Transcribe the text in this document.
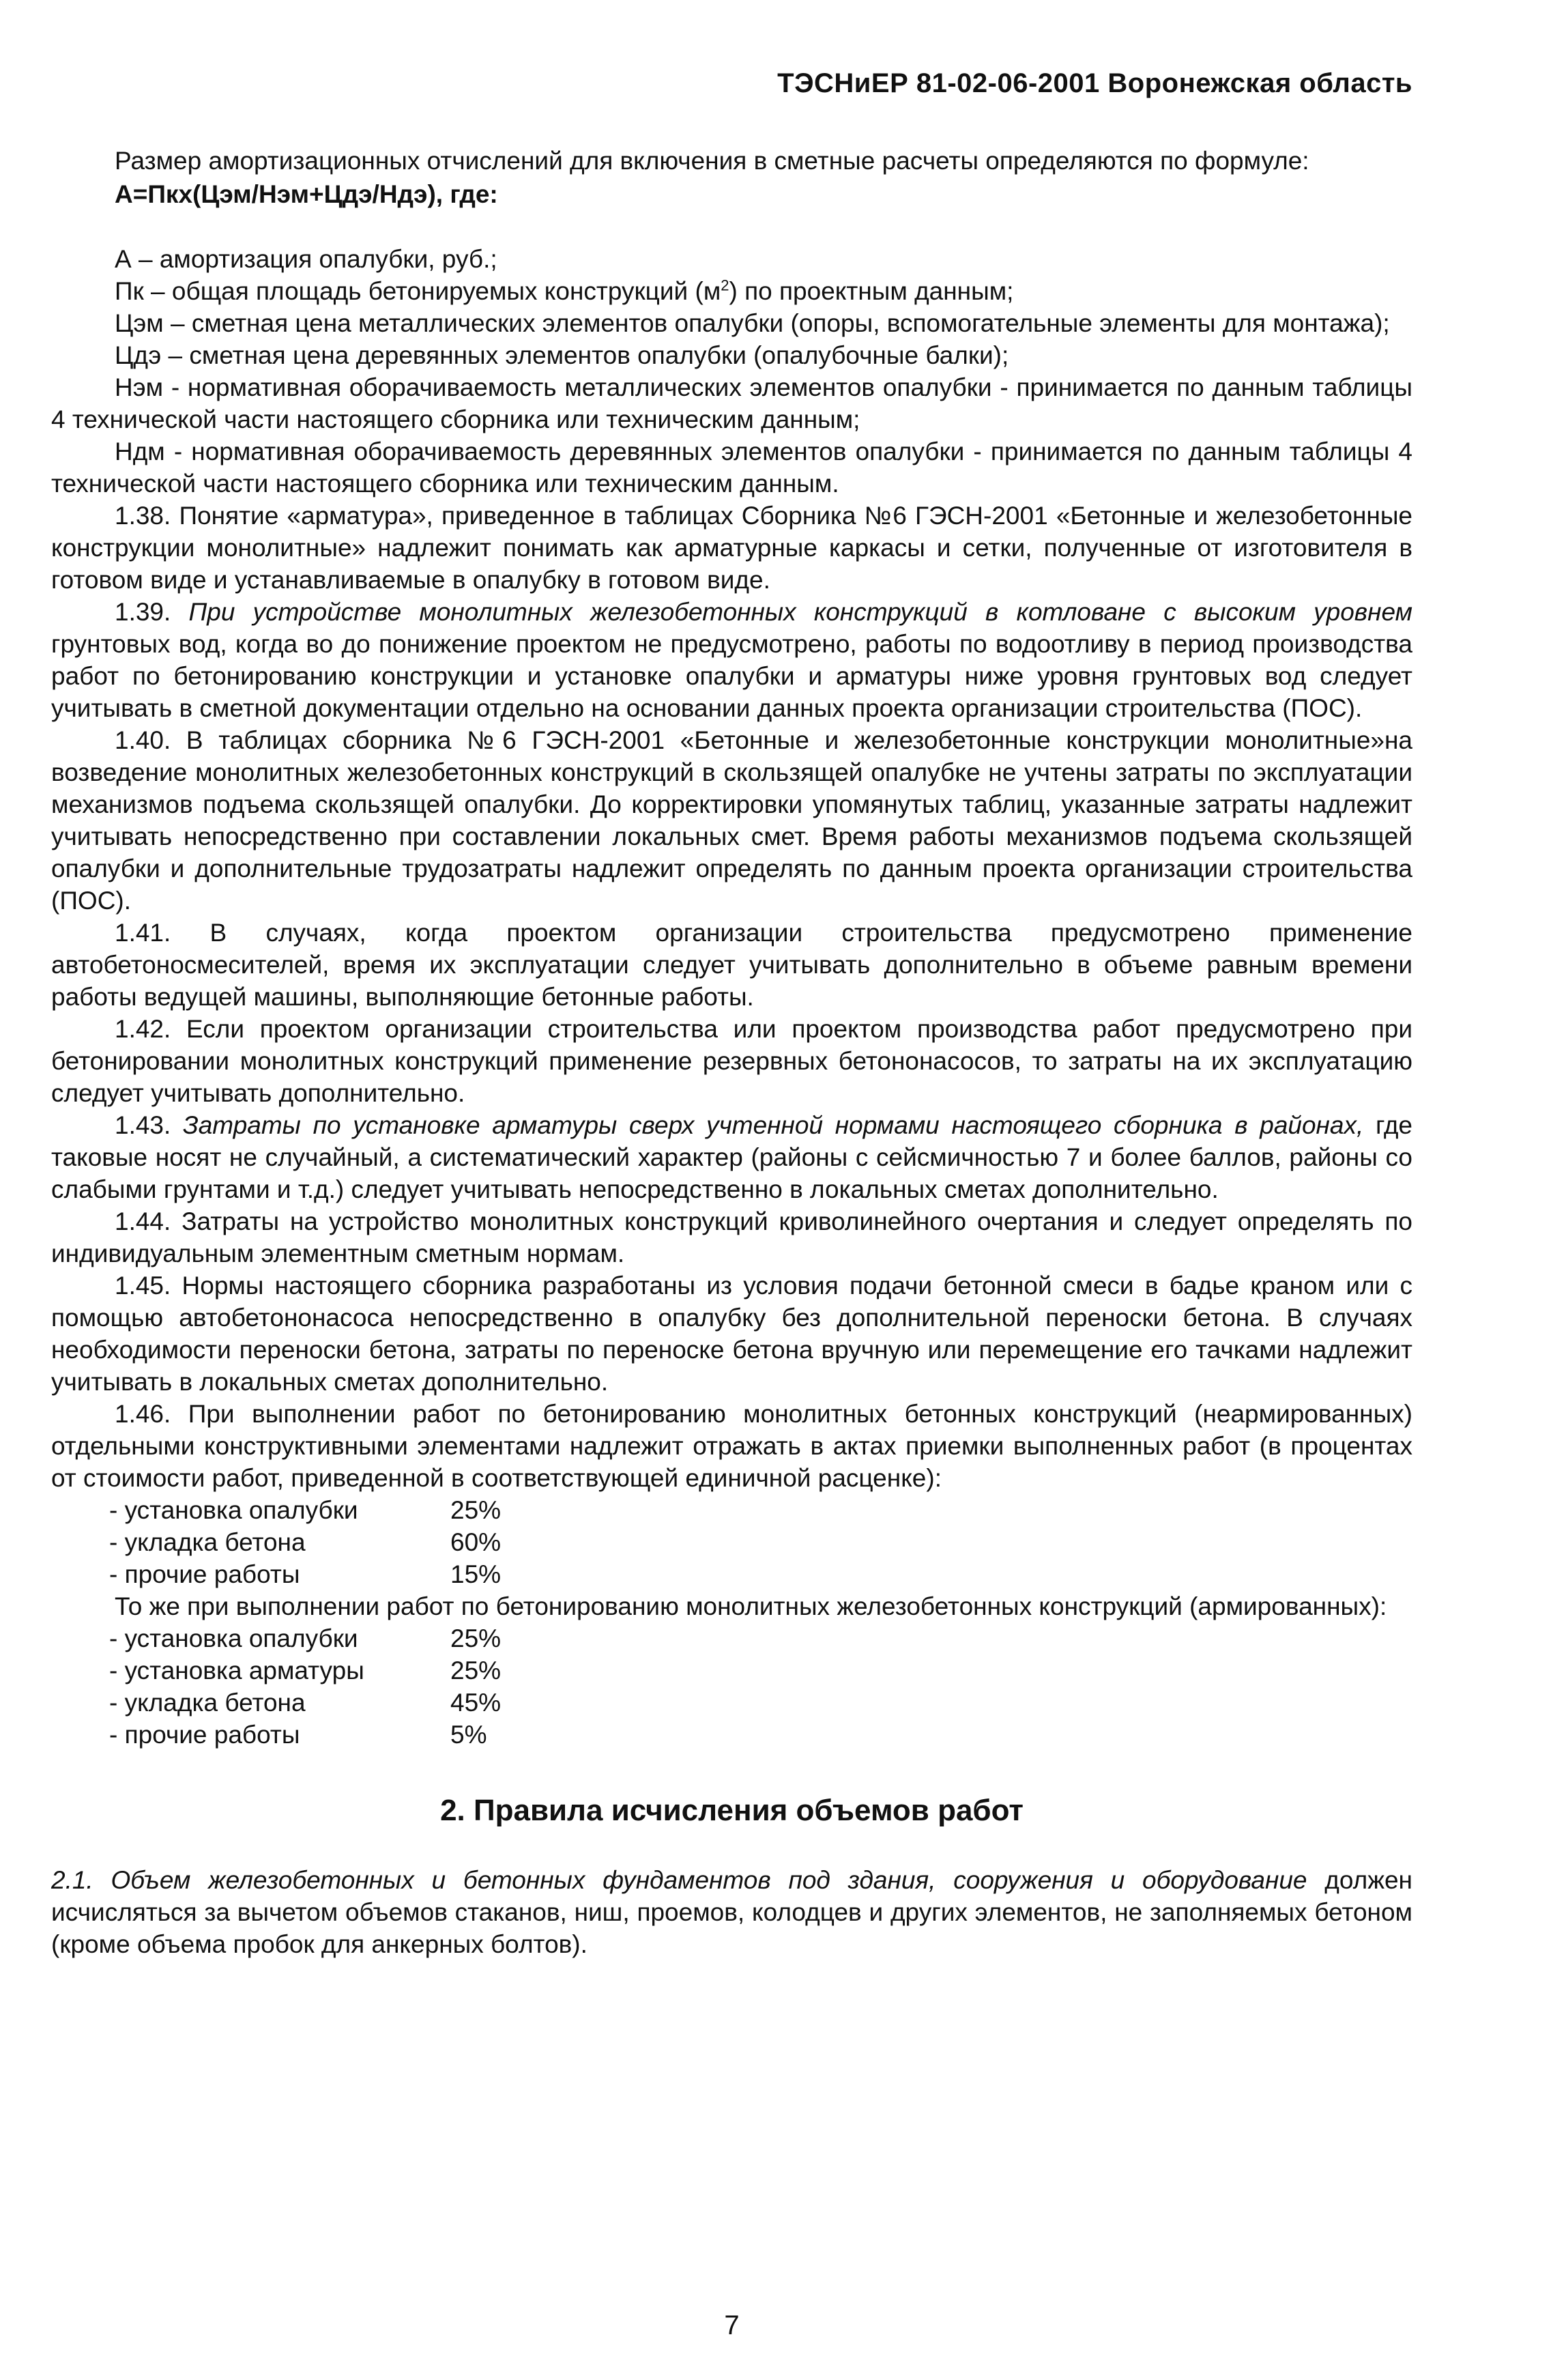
ТЭСНиЕР 81-02-06-2001 Воронежская область

Размер амортизационных отчислений для включения в сметные расчеты определяются по формуле:

А=Пкх(Цэм/Нэм+Цдэ/Ндэ), где:

А – амортизация опалубки, руб.;

Пк – общая площадь бетонируемых конструкций $(м^2)$ по проектным данным;

Цэм – сметная цена металлических элементов опалубки (опоры, вспомогательные элементы для монтажа);

Цдэ – сметная цена деревянных элементов опалубки (опалубочные балки);

Нэм - нормативная оборачиваемость металлических элементов опалубки - принимается по данным таблицы 4 технической части настоящего сборника или техническим данным;

Ндм - нормативная оборачиваемость деревянных элементов опалубки - принимается по данным таблицы 4 технической части настоящего сборника или техническим данным.

1.38. Понятие «арматура», приведенное в таблицах Сборника №6 ГЭСН-2001 «Бетонные и железобетонные конструкции монолитные» надлежит понимать как арматурные каркасы и сетки, полученные от изготовителя в готовом виде и устанавливаемые в опалубку в готовом виде.

1.39. При устройстве монолитных железобетонных конструкций в котловане с высоким уровнем грунтовых вод, когда во до понижение проектом не предусмотрено, работы по водоотливу в период производства работ по бетонированию конструкции и установке опалубки и арматуры ниже уровня грунтовых вод следует учитывать в сметной документации отдельно на основании данных проекта организации строительства (ПОС).

1.40. В таблицах сборника №6 ГЭСН-2001 «Бетонные и железобетонные конструкции монолитные»на возведение монолитных железобетонных конструкций в скользящей опалубке не учтены затраты по эксплуатации механизмов подъема скользящей опалубки. До корректировки упомянутых таблиц, указанные затраты надлежит учитывать непосредственно при составлении локальных смет. Время работы механизмов подъема скользящей опалубки и дополнительные трудозатраты надлежит определять по данным проекта организации строительства (ПОС).

1.41. В случаях, когда проектом организации строительства предусмотрено применение автобетоносмесителей, время их эксплуатации следует учитывать дополнительно в объеме равным времени работы ведущей машины, выполняющие бетонные работы.

1.42. Если проектом организации строительства или проектом производства работ предусмотрено при бетонировании монолитных конструкций применение резервных бетононасосов, то затраты на их эксплуатацию следует учитывать дополнительно.

1.43. Затраты по установке арматуры сверх учтенной нормами настоящего сборника в районах, где таковые носят не случайный, а систематический характер (районы с сейсмичностью 7 и более баллов, районы со слабыми грунтами и т.д.) следует учитывать непосредственно в локальных сметах дополнительно.

1.44. Затраты на устройство монолитных конструкций криволинейного очертания и следует определять по индивидуальным элементным сметным нормам.

1.45. Нормы настоящего сборника разработаны из условия подачи бетонной смеси в бадье краном или с помощью автобетононасоса непосредственно в опалубку без дополнительной переноски бетона. В случаях необходимости переноски бетона, затраты по переноске бетона вручную или перемещение его тачками надлежит учитывать в локальных сметах дополнительно.

1.46. При выполнении работ по бетонированию монолитных бетонных конструкций (неармированных) отдельными конструктивными элементами надлежит отражать в актах приемки выполненных работ (в процентах от стоимости работ, приведенной в соответствующей единичной расценке):

- установка опалубки	25%
- укладка бетона	60%
- прочие работы	15%

То же при выполнении работ по бетонированию монолитных железобетонных конструкций (армированных):

- установка опалубки	25%
- установка арматуры	25%
- укладка бетона	45%
- прочие работы	5%

2. Правила исчисления объемов работ

2.1. Объем железобетонных и бетонных фундаментов под здания, сооружения и оборудование должен исчисляться за вычетом объемов стаканов, ниш, проемов, колодцев и других элементов, не заполняемых бетоном (кроме объема пробок для анкерных болтов).

7
